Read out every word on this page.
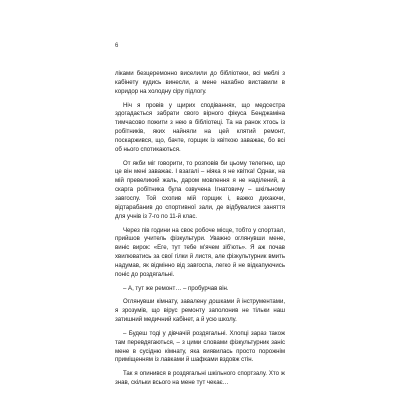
6

ліками безцеремонно виселили до бібліотеки, всі меблі з кабінету кудись винесли, а мене нахабно виставили в коридор на холодну сіру підлогу.

Ніч я провів у щирих сподіваннях, що медсестра здогадається забрати свого вірного фікуса Бенджаміна тимчасово пожити з нею в бібліотеці. Та на ранок хтось із робітників, яких найняли на цей клятий ремонт, поскаржився, що, бачте, горщик із квіткою заважає, бо всі об нього спотикаються.

От якби міг говорити, то розповів би цьому телепню, що це він мені заважає. І взагалі – ніяка я не квітка! Однак, на мій превеликий жаль, даром мовлення я не наділений, а скарга робітника була озвучена Ігнатовичу – шкільному завгоспу. Той схопив мій горщик і, важко дихаючи, відтарабанив до спортивної зали, де відбувалися заняття для учнів із 7-го по 11-й клас.

Через пів години на своє робоче місце, тобто у спортзал, прийшов учитель фізкультури. Уважно оглянувши мене, виніс вирок: «Еге, тут тебе м'ячем зіб'ють». Я аж почав хвилюватись за свої гілки й листя, але фізкультурник вмить надумав, як відмінно від завгоспа, легко й не відкапуючись поніс до роздягальні.

– А, тут же ремонт… – пробурчав він.

Оглянувши кімнату, завалену дошками й інструментами, я зрозумів, що вірус ремонту заполонив не тільки наш затишний медичний кабінет, а й усю школу.

– Будеш тоді у дівчачій роздягальні. Хлопці зараз також там перевдягаються, – з цими словами фізкультурник заніс мене в сусідню кімнату, яка виявилась просто порожнім приміщенням із лавками й шафками вздовж стін.

Так я опинився в роздягальні шкільного спортзалу. Хто ж знав, скільки всього на мене тут чекає…
